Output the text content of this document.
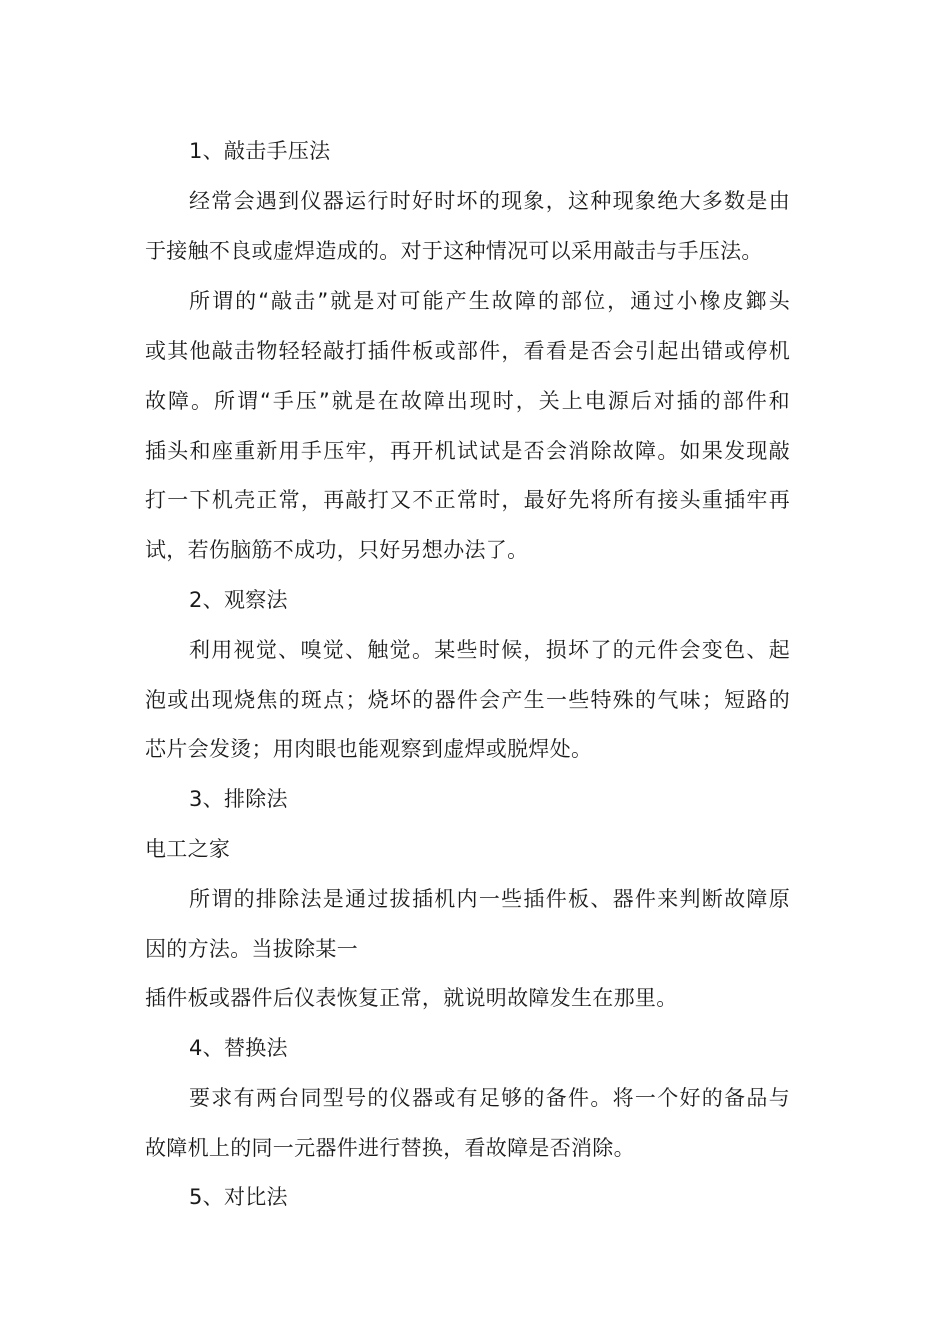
1、敲击手压法
经常会遇到仪器运行时好时坏的现象，这种现象绝大多数是由
于接触不良或虚焊造成的。对于这种情况可以采用敲击与手压法。
所谓的“敲击”就是对可能产生故障的部位，通过小橡皮鎯头
或其他敲击物轻轻敲打插件板或部件，看看是否会引起出错或停机
故障。所谓“手压”就是在故障出现时，关上电源后对插的部件和
插头和座重新用手压牢，再开机试试是否会消除故障。如果发现敲
打一下机壳正常，再敲打又不正常时，最好先将所有接头重插牢再
试，若伤脑筋不成功，只好另想办法了。
2、观察法
利用视觉、嗅觉、触觉。某些时候，损坏了的元件会变色、起
泡或出现烧焦的斑点；烧坏的器件会产生一些特殊的气味；短路的
芯片会发烫；用肉眼也能观察到虚焊或脱焊处。
3、排除法
电工之家
所谓的排除法是通过拔插机内一些插件板、器件来判断故障原
因的方法。当拔除某一
插件板或器件后仪表恢复正常，就说明故障发生在那里。
4、替换法
要求有两台同型号的仪器或有足够的备件。将一个好的备品与
故障机上的同一元器件进行替换，看故障是否消除。
5、对比法
